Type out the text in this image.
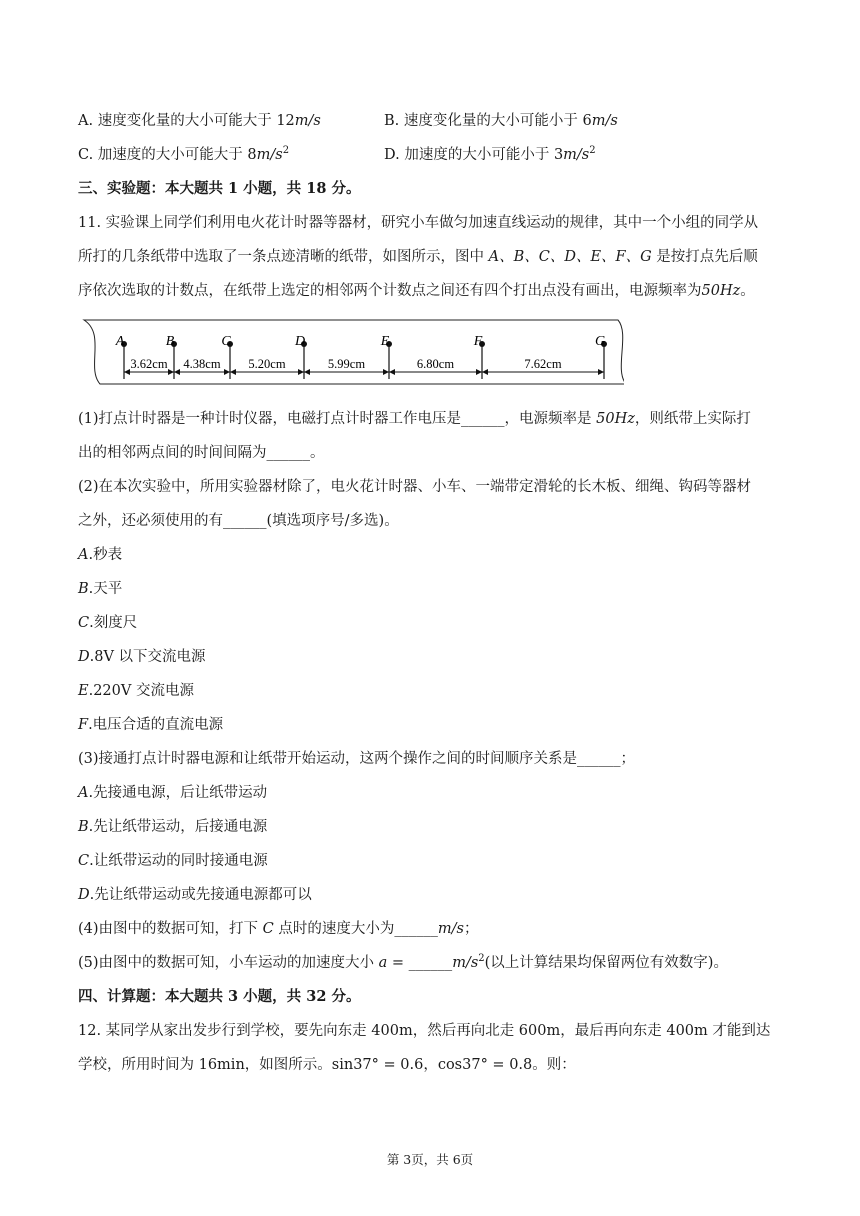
A. 速度变化量的大小可能大于 12m/s	B. 速度变化量的大小可能小于 6m/s
C. 加速度的大小可能大于 $8m/s^2$	D. 加速度的大小可能小于 $3m/s^2$
三、实验题：本大题共 1 小题，共 18 分。
11. 实验课上同学们利用电火花计时器等器材，研究小车做匀加速直线运动的规律，其中一个小组的同学从
所打的几条纸带中选取了一条点迹清晰的纸带，如图所示，图中 A、B、C、D、E、F、G 是按打点先后顺
序依次选取的计数点，在纸带上选定的相邻两个计数点之间还有四个打出点没有画出，电源频率为50Hz。
A	B	C	D	E	F	G
3.62cm 4.38cm 5.20cm	5.99cm	6.80cm	7.62cm
(1)打点计时器是一种计时仪器，电磁打点计时器工作电压是______，电源频率是 50Hz，则纸带上实际打
出的相邻两点间的时间间隔为______。
(2)在本次实验中，所用实验器材除了，电火花计时器、小车、一端带定滑轮的长木板、细绳、钩码等器材
之外，还必须使用的有______(填选项序号/多选)。
A.秒表
B.天平
C.刻度尺
D.8V 以下交流电源
E.220V 交流电源
F.电压合适的直流电源
(3)接通打点计时器电源和让纸带开始运动，这两个操作之间的时间顺序关系是______；
A.先接通电源，后让纸带运动
B.先让纸带运动，后接通电源
C.让纸带运动的同时接通电源
D.先让纸带运动或先接通电源都可以
(4)由图中的数据可知，打下 C 点时的速度大小为______m/s；
(5)由图中的数据可知，小车运动的加速度大小 $a = \_\_\_\_\_\_m/s^2$(以上计算结果均保留两位有效数字)。
四、计算题：本大题共 3 小题，共 32 分。
12. 某同学从家出发步行到学校，要先向东走 400m，然后再向北走 600m，最后再向东走 400m 才能到达
学校，所用时间为 16min，如图所示。sin37° = 0.6，cos37° = 0.8。则：
第 3页，共 6页
